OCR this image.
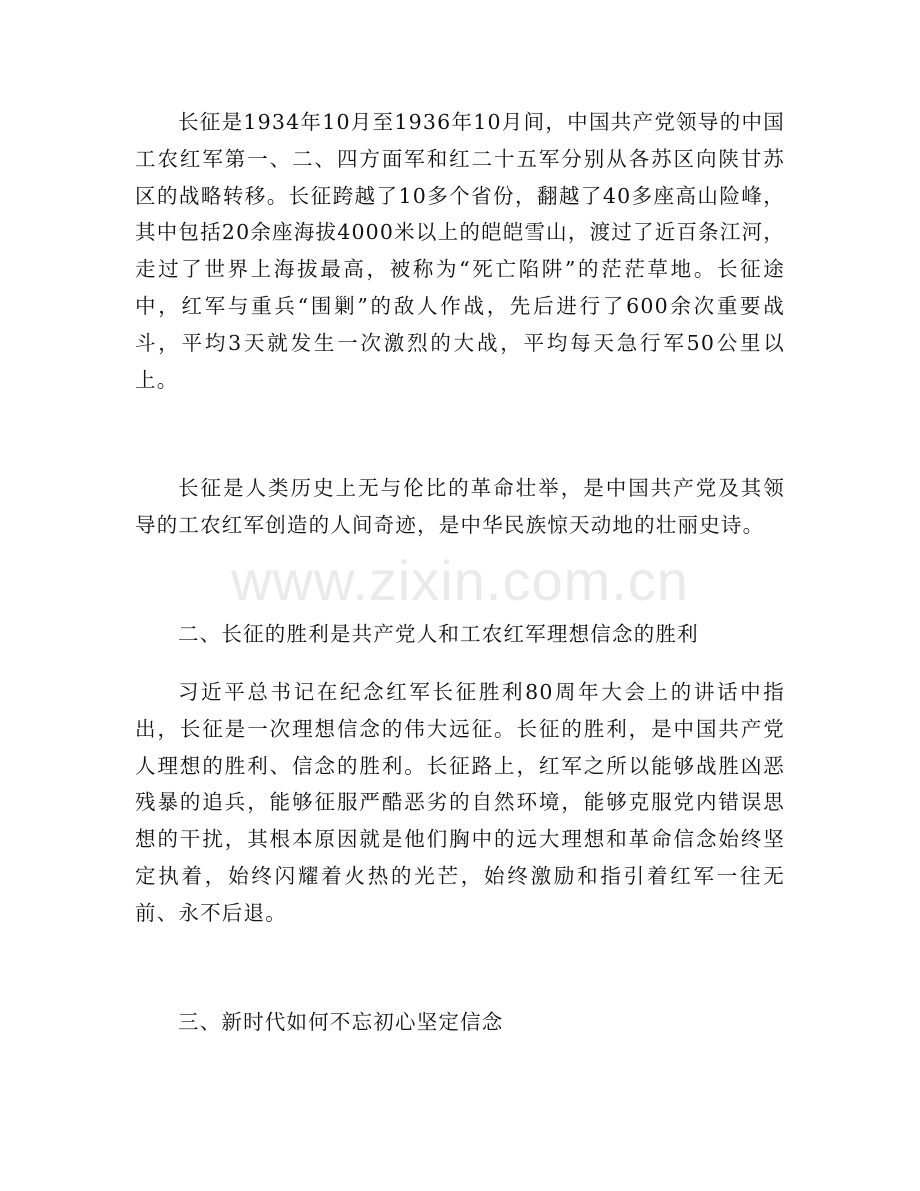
长征是1934年10月至1936年10月间，中国共产党领导的中国工农红军第一、二、四方面军和红二十五军分别从各苏区向陕甘苏区的战略转移。长征跨越了10多个省份，翻越了40多座高山险峰，其中包括20余座海拔4000米以上的皑皑雪山，渡过了近百条江河，走过了世界上海拔最高，被称为“死亡陷阱”的茫茫草地。长征途中，红军与重兵“围剿”的敌人作战，先后进行了600余次重要战斗，平均3天就发生一次激烈的大战，平均每天急行军50公里以上。

长征是人类历史上无与伦比的革命壮举，是中国共产党及其领导的工农红军创造的人间奇迹，是中华民族惊天动地的壮丽史诗。

www.zixin.com.cn

二、长征的胜利是共产党人和工农红军理想信念的胜利

习近平总书记在纪念红军长征胜利80周年大会上的讲话中指出，长征是一次理想信念的伟大远征。长征的胜利，是中国共产党人理想的胜利、信念的胜利。长征路上，红军之所以能够战胜凶恶残暴的追兵，能够征服严酷恶劣的自然环境，能够克服党内错误思想的干扰，其根本原因就是他们胸中的远大理想和革命信念始终坚定执着，始终闪耀着火热的光芒，始终激励和指引着红军一往无前、永不后退。

三、新时代如何不忘初心坚定信念
